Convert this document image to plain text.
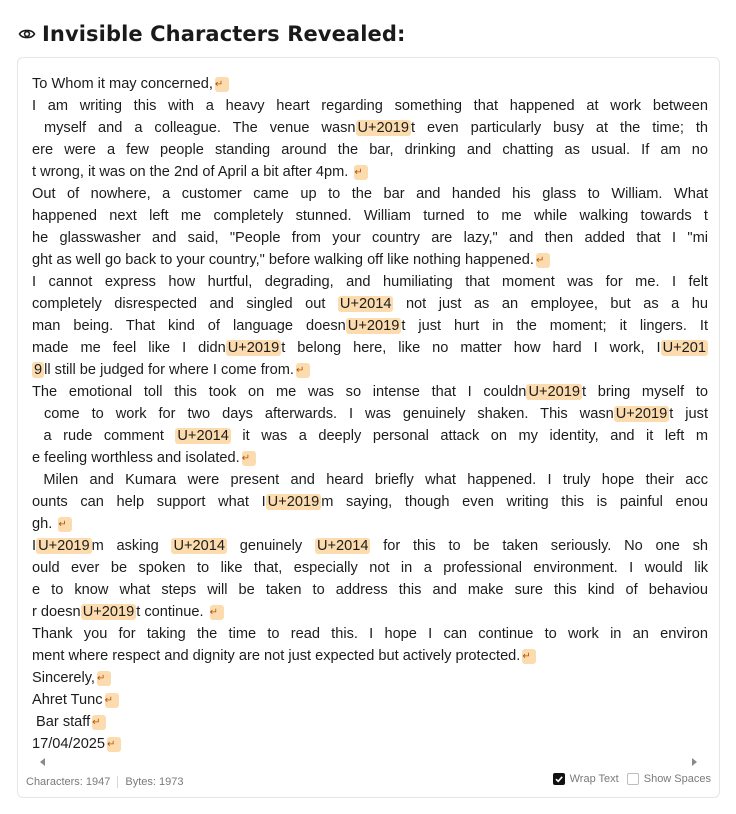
Invisible Characters Revealed:
To Whom it may concerned, ↵
I am writing this with a heavy heart regarding something that happened at work between
myself and a colleague. The venue wasn U+2019 t even particularly busy at the time; th
ere were a few people standing around the bar, drinking and chatting as usual. If am no
t wrong, it was on the 2nd of April a bit after 4pm. ↵
Out of nowhere, a customer came up to the bar and handed his glass to William. What
happened next left me completely stunned. William turned to me while walking towards t
he glasswasher and said, "People from your country are lazy," and then added that I "mi
ght as well go back to your country," before walking off like nothing happened. ↵
I cannot express how hurtful, degrading, and humiliating that moment was for me. I felt
completely disrespected and singled out U+2014 not just as an employee, but as a hu
man being. That kind of language doesn U+2019 t just hurt in the moment; it lingers. It
made me feel like I didn U+2019 t belong here, like no matter how hard I work, I U+201
9 ll still be judged for where I come from. ↵
The emotional toll this took on me was so intense that I couldn U+2019 t bring myself to
come to work for two days afterwards. I was genuinely shaken. This wasn U+2019 t just
a rude comment U+2014 it was a deeply personal attack on my identity, and it left m
e feeling worthless and isolated. ↵
Milen and Kumara were present and heard briefly what happened. I truly hope their acc
ounts can help support what I U+2019 m saying, though even writing this is painful enou
gh. ↵
I U+2019 m asking U+2014 genuinely U+2014 for this to be taken seriously. No one sh
ould ever be spoken to like that, especially not in a professional environment. I would lik
e to know what steps will be taken to address this and make sure this kind of behaviou
r doesn U+2019 t continue. ↵
Thank you for taking the time to read this. I hope I can continue to work in an environ
ment where respect and dignity are not just expected but actively protected. ↵
Sincerely, ↵
Ahret Tunc ↵
Bar staff ↵
17/04/2025 ↵
Characters: 1947 Bytes: 1973	Wrap Text Show Spaces
